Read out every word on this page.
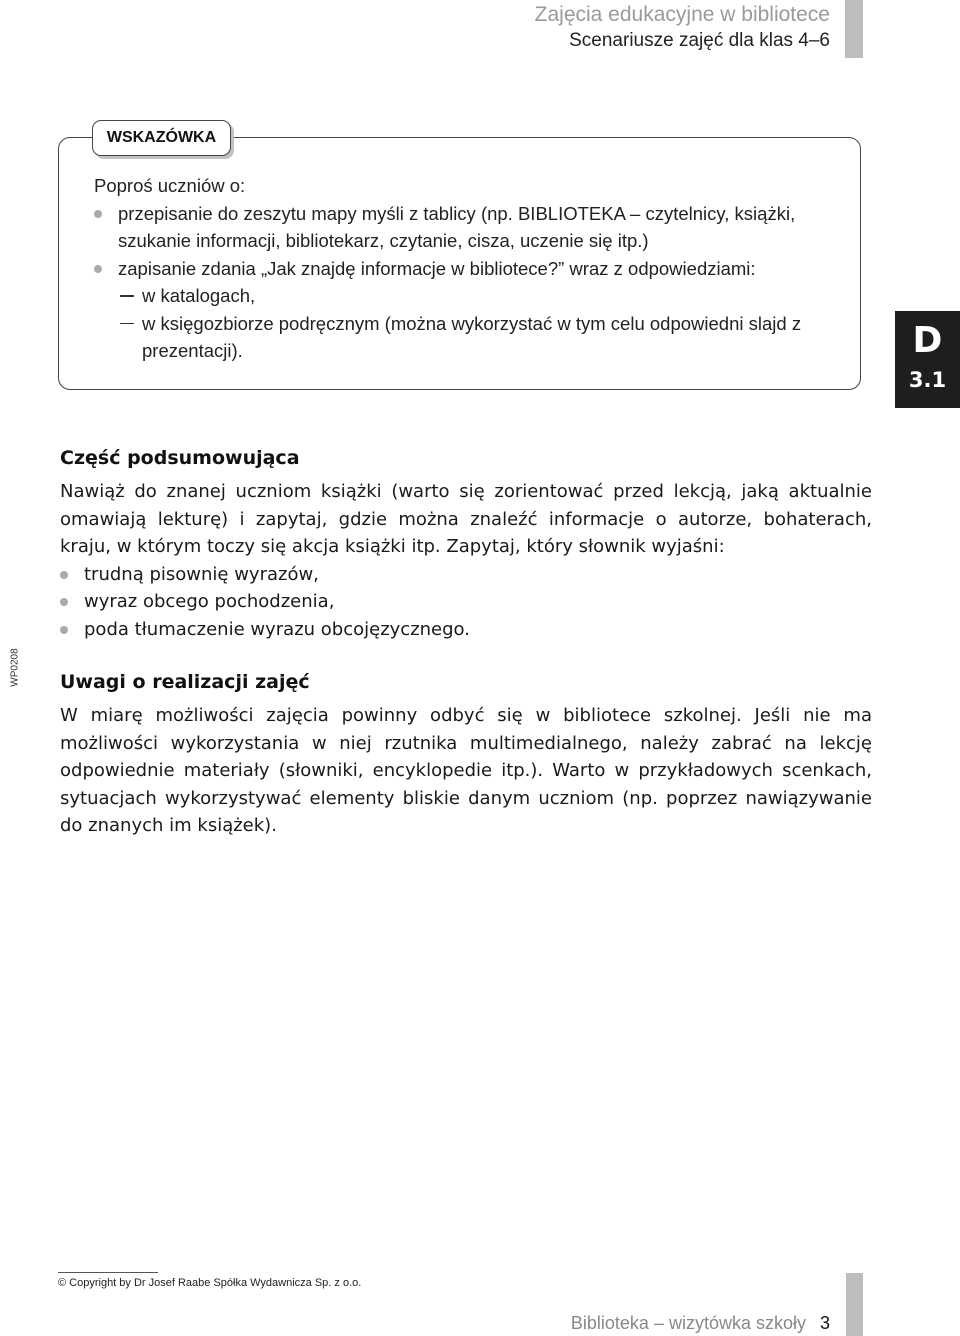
Zajęcia edukacyjne w bibliotece
Scenariusze zajęć dla klas 4–6
WSKAZÓWKA

Poproś uczniów o:

przepisanie do zeszytu mapy myśli z tablicy (np. BIBLIOTEKA – czytelnicy, książki, szukanie informacji, bibliotekarz, czytanie, cisza, uczenie się itp.)
zapisanie zdania „Jak znajdę informacje w bibliotece?” wraz z odpowiedziami:
w katalogach,
w księgozbiorze podręcznym (można wykorzystać w tym celu odpowiedni slajd z prezentacji).	D
3.1
Część podsumowująca

Nawiąż do znanej uczniom książki (warto się zorientować przed lekcją, jaką aktualnie omawiają lekturę) i zapytaj, gdzie można znaleźć informacje o autorze, bohaterach, kraju, w którym toczy się akcja książki itp. Zapytaj, który słownik wyjaśni:

trudną pisownię wyrazów,
wyraz obcego pochodzenia,
poda tłumaczenie wyrazu obcojęzycznego.
WP0208 Uwagi o realizacji zajęć

W miarę możliwości zajęcia powinny odbyć się w bibliotece szkolnej. Jeśli nie ma możliwości wykorzystania w niej rzutnika multimedialnego, należy zabrać na lekcję odpowiednie materiały (słowniki, encyklopedie itp.). Warto w przykładowych scenkach, sytuacjach wykorzystywać elementy bliskie danym uczniom (np. poprzez nawiązywanie do znanych im książek).

© Copyright by Dr Josef Raabe Spółka Wydawnicza Sp. z o.o.
Biblioteka – wizytówka szkoły 3
